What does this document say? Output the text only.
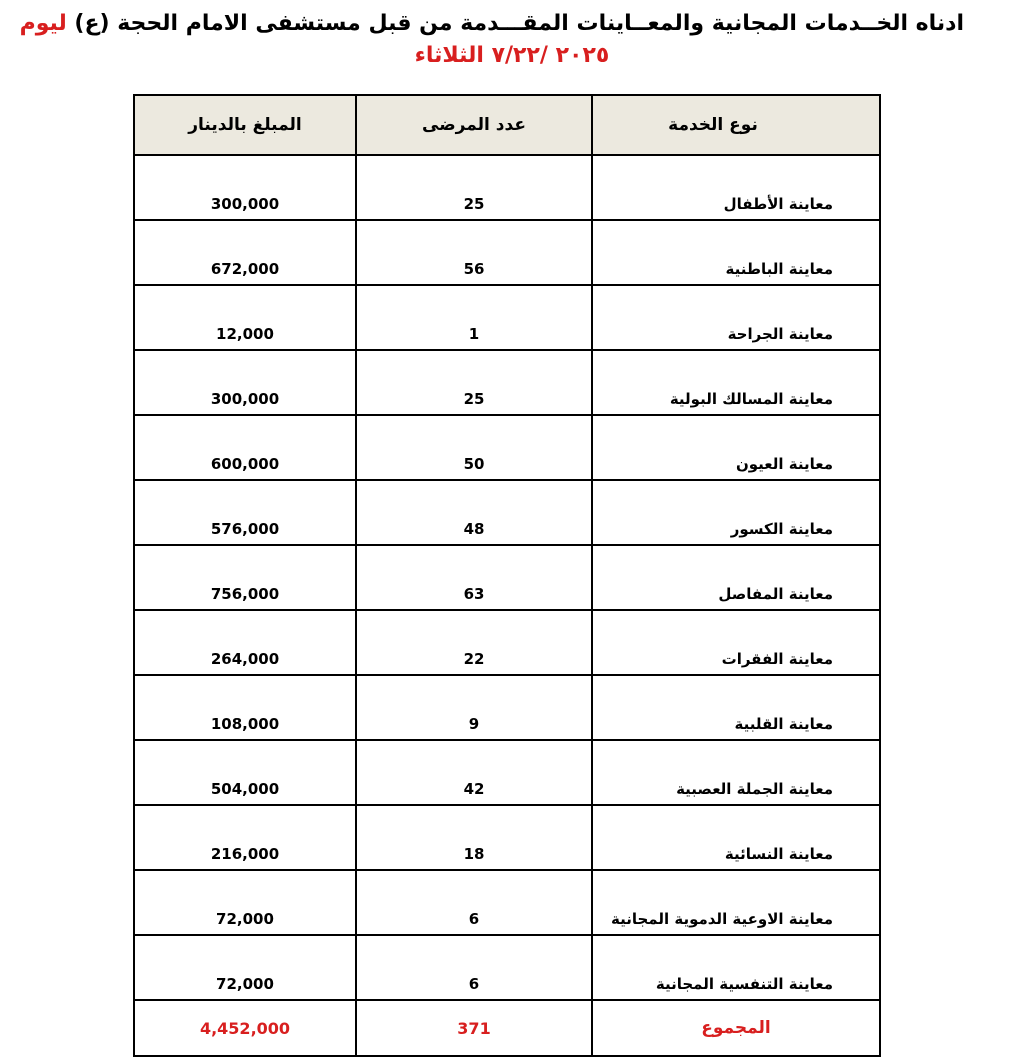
ادناه الخــدمات المجانية والمعــاينات المقـــدمة من قبل مستشفى الامام الحجة (ع) ليوم
٢٠٢٥ /٧/٢٢ الثلاثاء
نوع الخدمة	عدد المرضى	المبلغ بالدينار
معاينة الأطفال	25	300,000
معاينة الباطنية	56	672,000
معاينة الجراحة	1	12,000
معاينة المسالك البولية	25	300,000
معاينة العيون	50	600,000
معاينة الكسور	48	576,000
معاينة المفاصل	63	756,000
معاينة الفقرات	22	264,000
معاينة القلبية	9	108,000
معاينة الجملة العصبية	42	504,000
معاينة النسائية	18	216,000
معاينة الاوعية الدموية المجانية	6	72,000
معاينة التنفسية المجانية	6	72,000
المجموع	371	4,452,000
